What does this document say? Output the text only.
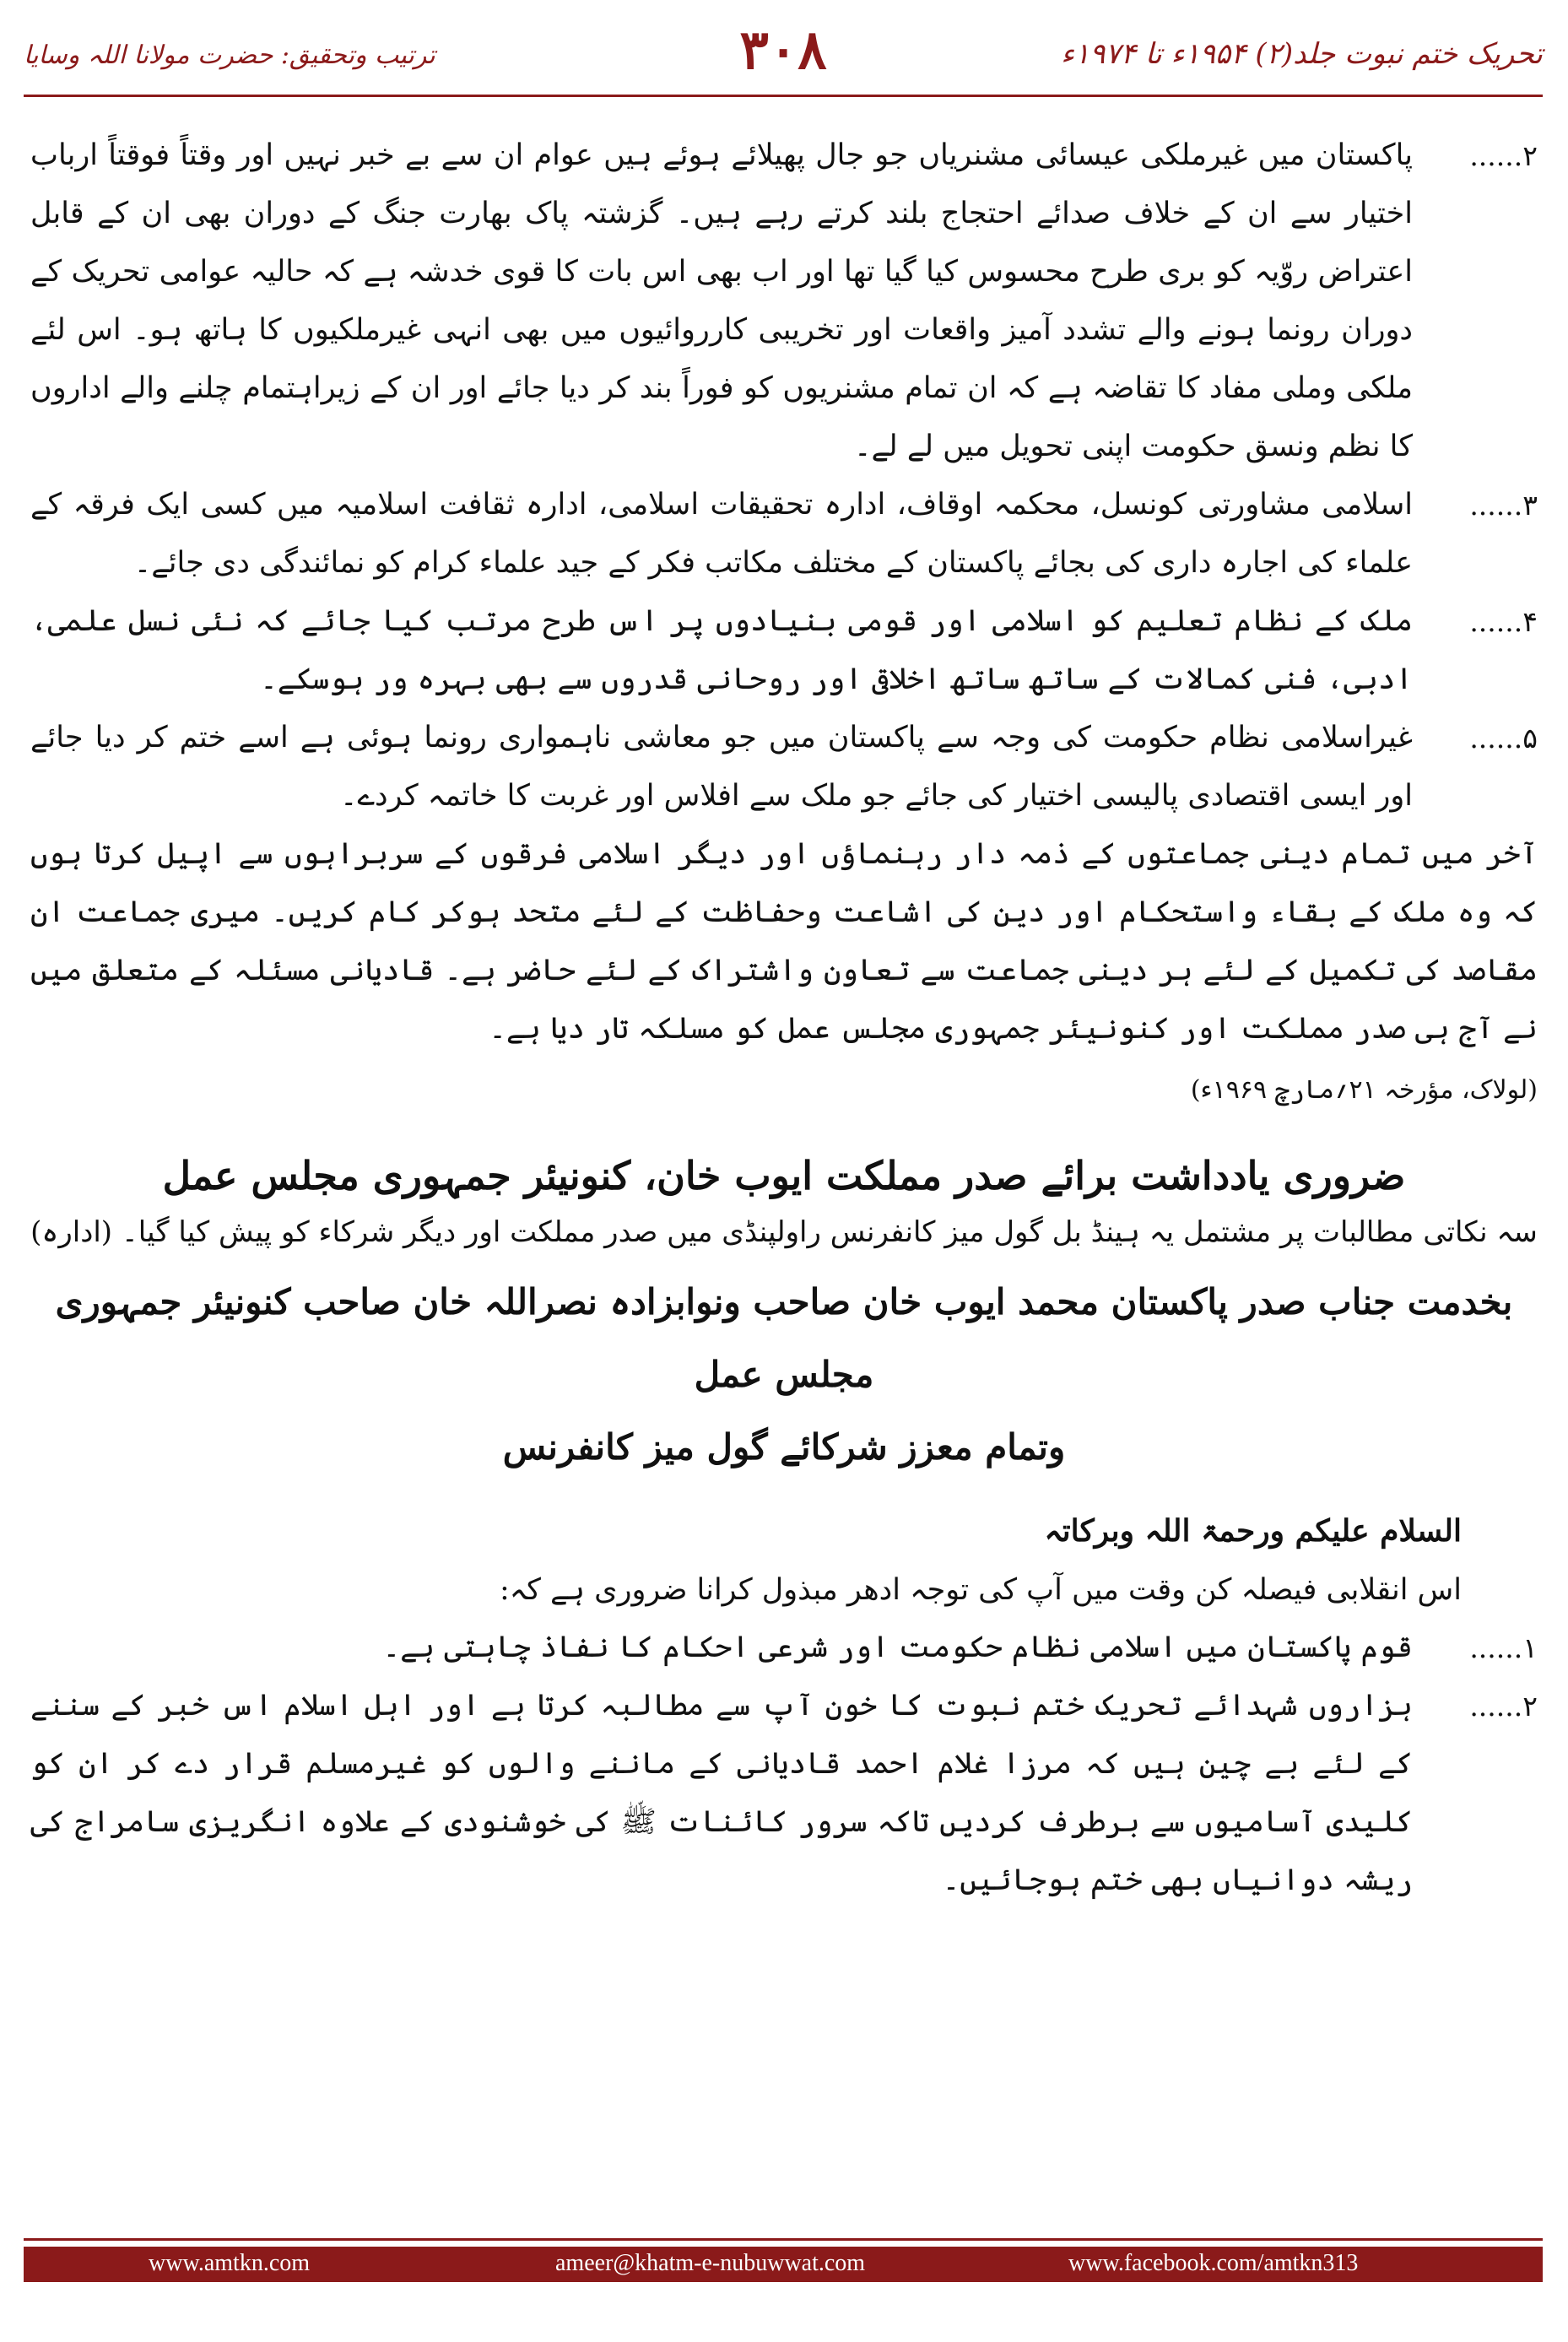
تحریک ختم نبوت جلد(۲) ۱۹۵۴ء تا ۱۹۷۴ء
۳۰۸
ترتیب وتحقیق: حضرت مولانا اللہ وسایا
۲......
پاکستان میں غیرملکی عیسائی مشنریاں جو جال پھیلائے ہوئے ہیں عوام ان سے بے خبر نہیں اور وقتاً فوقتاً ارباب اختیار سے ان کے خلاف صدائے احتجاج بلند کرتے رہے ہیں۔ گزشتہ پاک بھارت جنگ کے دوران بھی ان کے قابل اعتراض روّیہ کو بری طرح محسوس کیا گیا تھا اور اب بھی اس بات کا قوی خدشہ ہے کہ حالیہ عوامی تحریک کے دوران رونما ہونے والے تشدد آمیز واقعات اور تخریبی کارروائیوں میں بھی انہی غیرملکیوں کا ہاتھ ہو۔ اس لئے ملکی وملی مفاد کا تقاضہ ہے کہ ان تمام مشنریوں کو فوراً بند کر دیا جائے اور ان کے زیراہتمام چلنے والے اداروں کا نظم ونسق حکومت اپنی تحویل میں لے لے۔
۳......
اسلامی مشاورتی کونسل، محکمہ اوقاف، ادارہ تحقیقات اسلامی، ادارہ ثقافت اسلامیہ میں کسی ایک فرقہ کے علماء کی اجارہ داری کی بجائے پاکستان کے مختلف مکاتب فکر کے جید علماء کرام کو نمائندگی دی جائے۔
۴......
ملک کے نظام تعلیم کو اسلامی اور قومی بنیادوں پر اس طرح مرتب کیا جائے کہ نئی نسل علمی، ادبی، فنی کمالات کے ساتھ ساتھ اخلاقی اور روحانی قدروں سے بھی بہرہ ور ہوسکے۔
۵......
غیراسلامی نظام حکومت کی وجہ سے پاکستان میں جو معاشی ناہمواری رونما ہوئی ہے اسے ختم کر دیا جائے اور ایسی اقتصادی پالیسی اختیار کی جائے جو ملک سے افلاس اور غربت کا خاتمہ کردے۔
آخر میں تمام دینی جماعتوں کے ذمہ دار رہنماؤں اور دیگر اسلامی فرقوں کے سربراہوں سے اپیل کرتا ہوں کہ وہ ملک کے بقاء واستحکام اور دین کی اشاعت وحفاظت کے لئے متحد ہوکر کام کریں۔ میری جماعت ان مقاصد کی تکمیل کے لئے ہر دینی جماعت سے تعاون واشتراک کے لئے حاضر ہے۔ قادیانی مسئلہ کے متعلق میں نے آج ہی صدر مملکت اور کنونیئر جمہوری مجلس عمل کو مسلکہ تار دیا ہے۔
(لولاک، مؤرخہ ۲۱؍مارچ ۱۹۶۹ء)
ضروری یادداشت برائے صدر مملکت ایوب خان، کنونیئر جمہوری مجلس عمل
سہ نکاتی مطالبات پر مشتمل یہ ہینڈ بل گول میز کانفرنس راولپنڈی میں صدر مملکت اور دیگر شرکاء کو پیش کیا گیا۔ (ادارہ)
بخدمت جناب صدر پاکستان محمد ایوب خان صاحب ونوابزادہ نصراللہ خان صاحب کنونیئر جمہوری مجلس عمل
وتمام معزز شرکائے گول میز کانفرنس
السلام علیکم ورحمۃ اللہ وبرکاتہ
اس انقلابی فیصلہ کن وقت میں آپ کی توجہ ادھر مبذول کرانا ضروری ہے کہ:
۱......
قوم پاکستان میں اسلامی نظام حکومت اور شرعی احکام کا نفاذ چاہتی ہے۔
۲......
ہزاروں شہدائے تحریک ختم نبوت کا خون آپ سے مطالبہ کرتا ہے اور اہل اسلام اس خبر کے سننے کے لئے بے چین ہیں کہ مرزا غلام احمد قادیانی کے ماننے والوں کو غیرمسلم قرار دے کر ان کو کلیدی آسامیوں سے برطرف کردیں تاکہ سرور کائنات ﷺ کی خوشنودی کے علاوہ انگریزی سامراج کی ریشہ دوانیاں بھی ختم ہوجائیں۔
www.amtkn.com	ameer@khatm-e-nubuwwat.com	www.facebook.com/amtkn313
